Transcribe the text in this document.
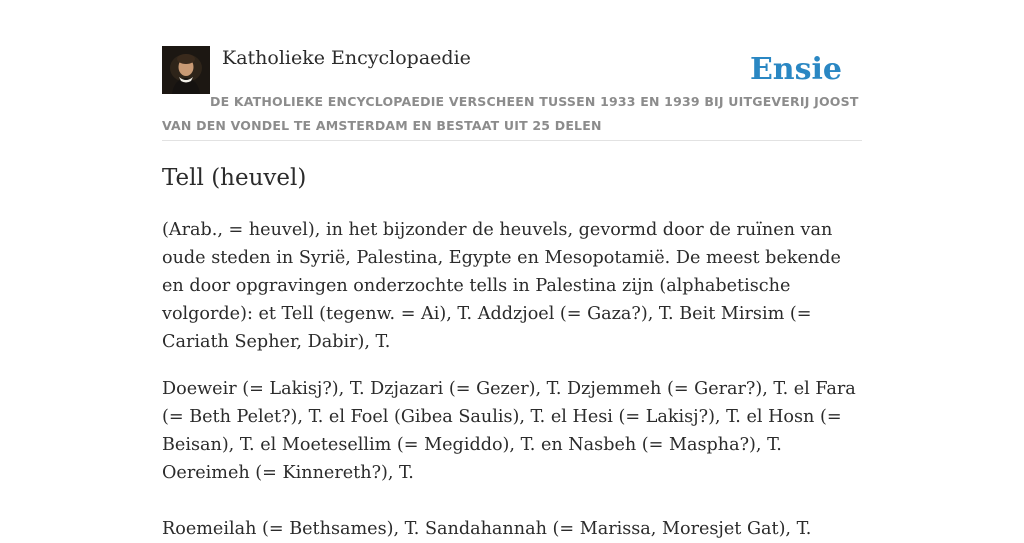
Katholieke Encyclopaedie	Ensie
DE KATHOLIEKE ENCYCLOPAEDIE VERSCHEEN TUSSEN 1933 EN 1939 BIJ UITGEVERIJ JOOST VAN DEN VONDEL TE AMSTERDAM EN BESTAAT UIT 25 DELEN
Tell (heuvel)

(Arab., = heuvel), in het bijzonder de heuvels, gevormd door de ruïnen van oude steden in Syrië, Palestina, Egypte en Mesopotamië. De meest bekende en door opgravingen onderzochte tells in Palestina zijn (alphabetische volgorde): et Tell (tegenw. = Ai), T. Addzjoel (= Gaza?), T. Beit Mirsim (= Cariath Sepher, Dabir), T.

Doeweir (= Lakisj?), T. Dzjazari (= Gezer), T. Dzjemmeh (= Gerar?), T. el Fara (= Beth Pelet?), T. el Foel (Gibea Saulis), T. el Hesi (= Lakisj?), T. el Hosn (= Beisan), T. el Moetesellim (= Megiddo), T. en Nasbeh (= Maspha?), T. Oereimeh (= Kinnereth?), T.

Roemeilah (= Bethsames), T. Sandahannah (= Marissa, Moresjet Gat), T.
